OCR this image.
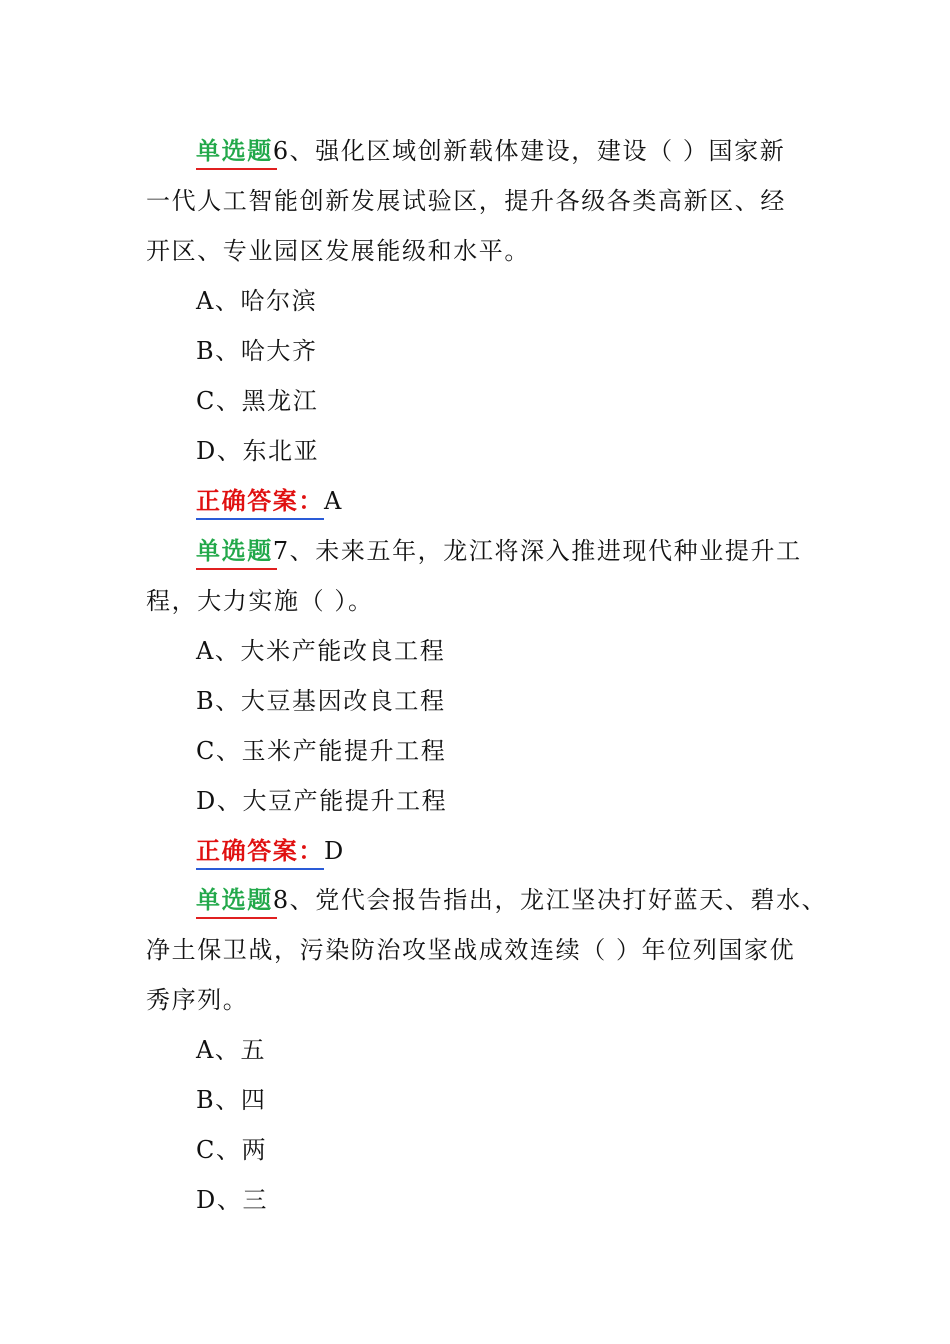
单选题6、强化区域创新载体建设，建设（ ）国家新
一代人工智能创新发展试验区，提升各级各类高新区、经
开区、专业园区发展能级和水平。
A、哈尔滨
B、哈大齐
C、黑龙江
D、东北亚
正确答案：A
单选题7、未来五年，龙江将深入推进现代种业提升工
程，大力实施（ ）。
A、大米产能改良工程
B、大豆基因改良工程
C、玉米产能提升工程
D、大豆产能提升工程
正确答案：D
单选题8、党代会报告指出，龙江坚决打好蓝天、碧水、
净土保卫战，污染防治攻坚战成效连续（ ）年位列国家优
秀序列。
A、五
B、四
C、两
D、三
